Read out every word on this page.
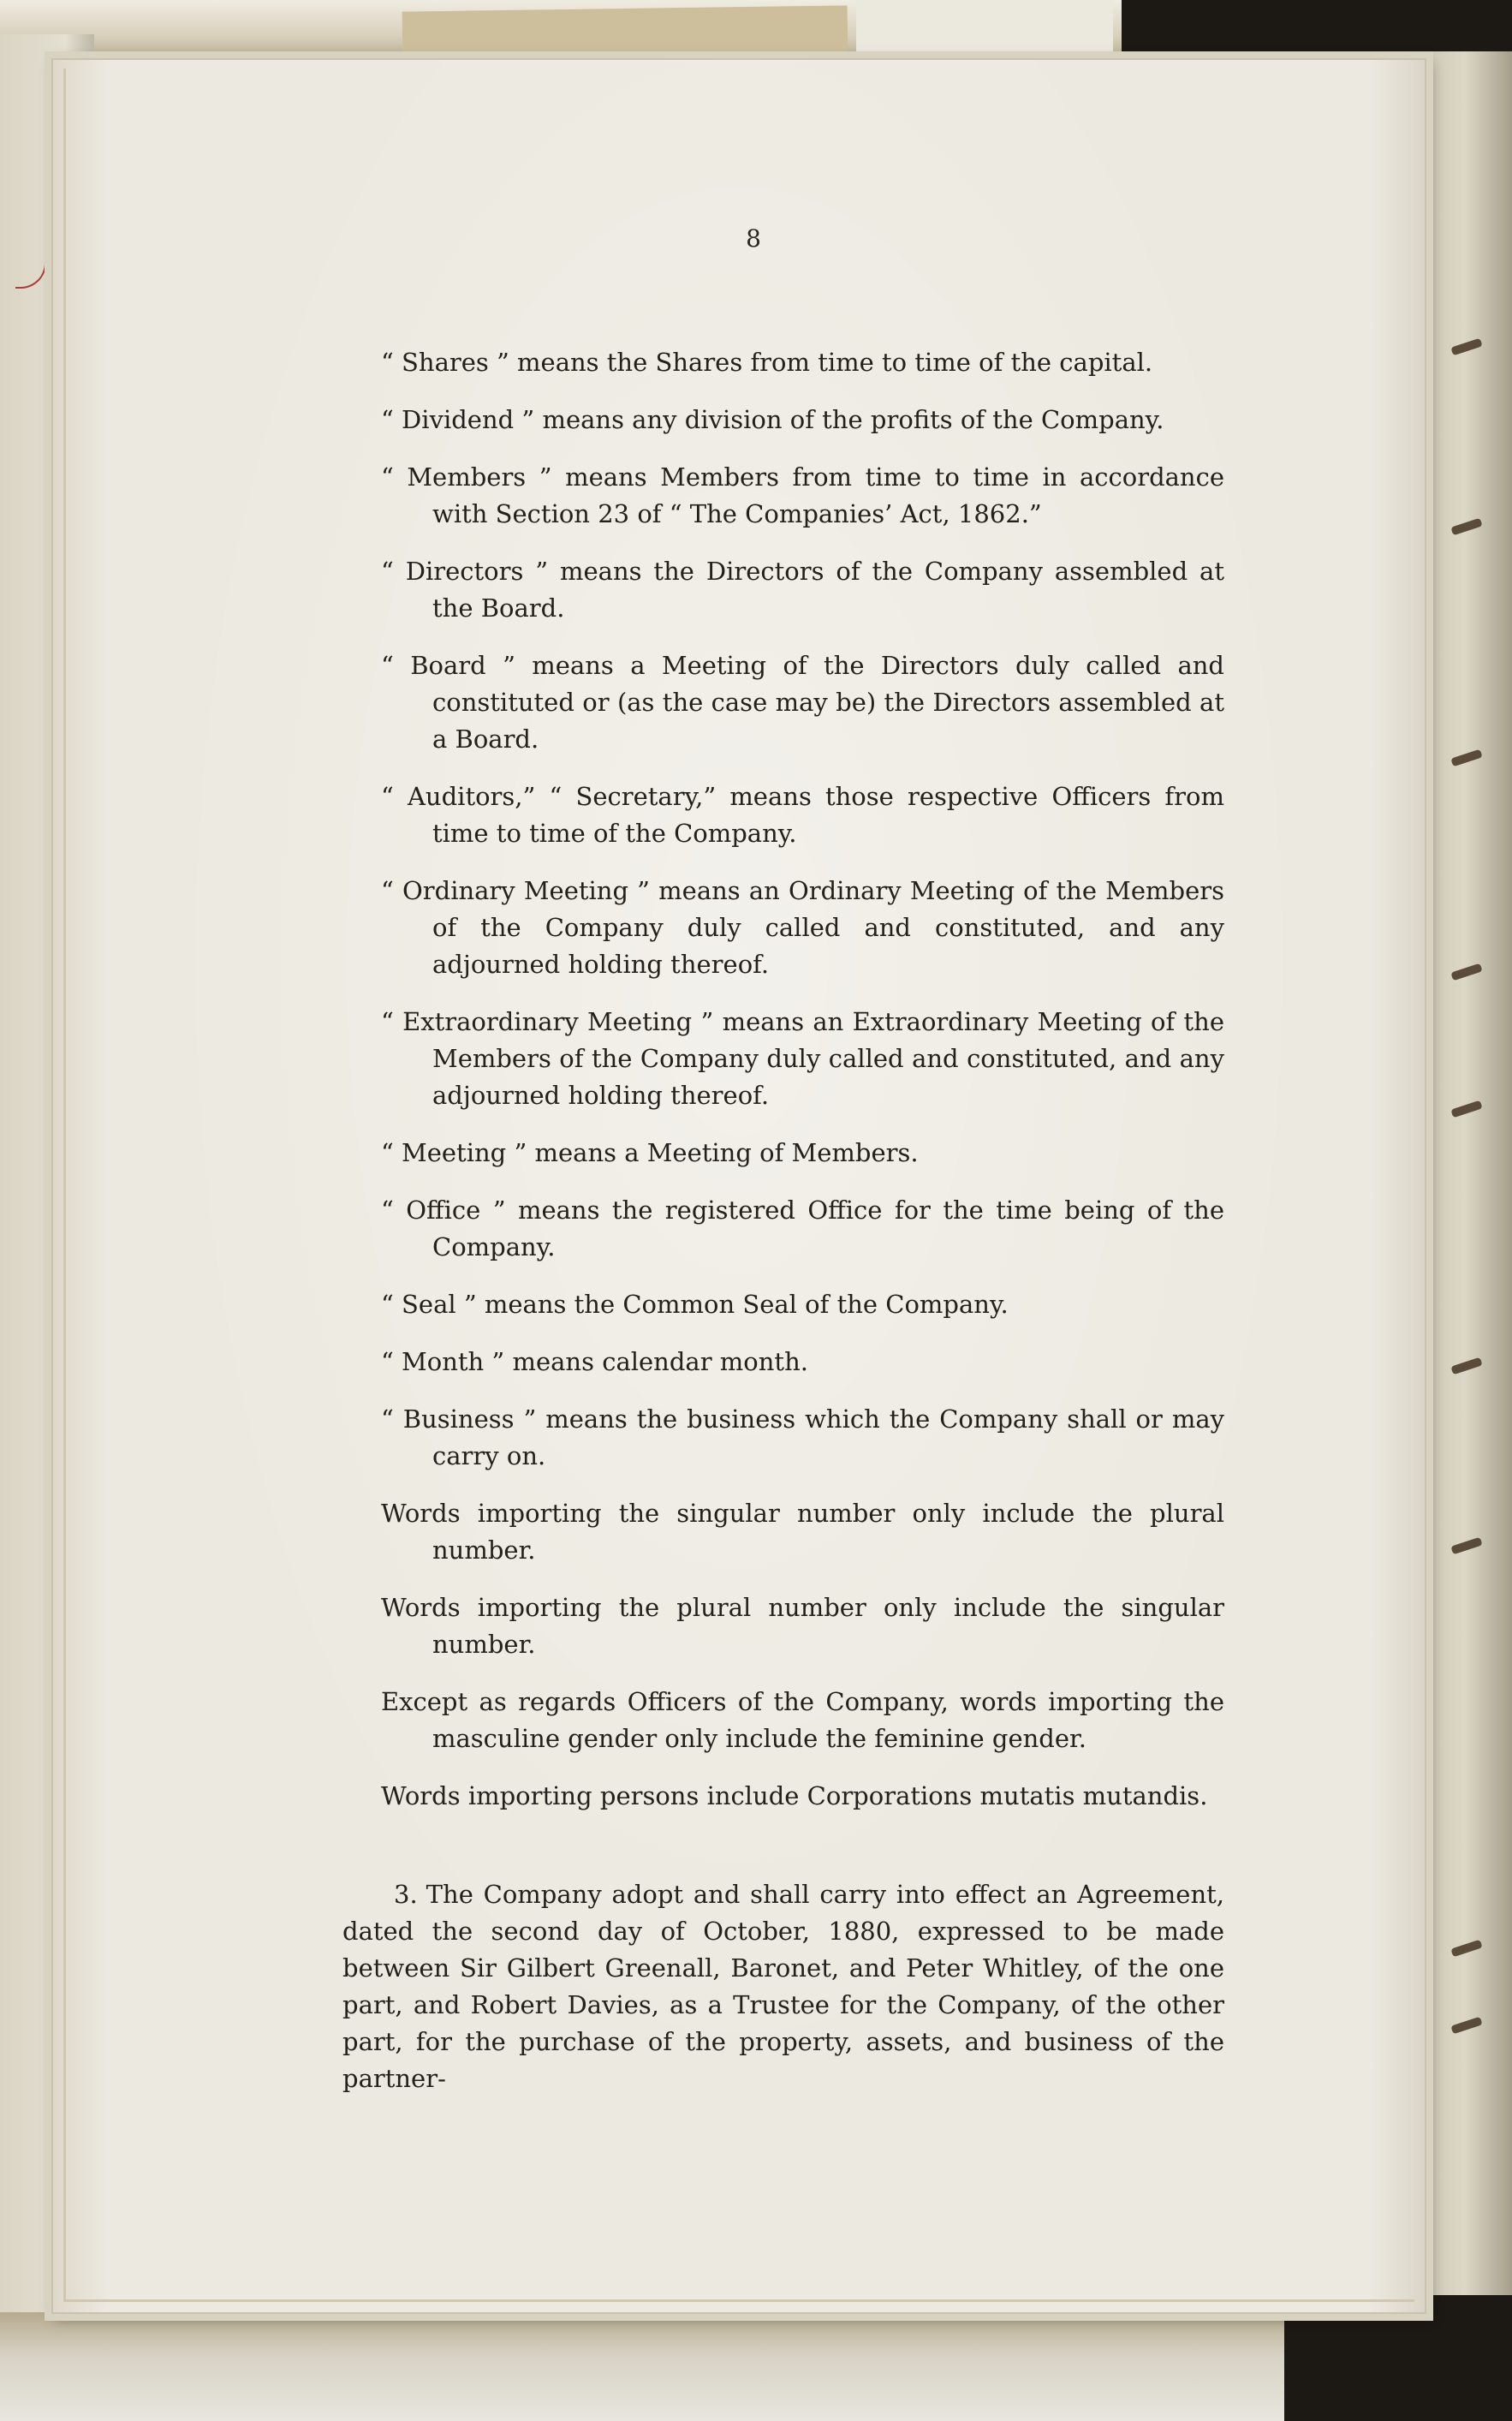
8

“ Shares ” means the Shares from time to time of the capital.

“ Dividend ” means any division of the profits of the Company.

“ Members ” means Members from time to time in accordance with Section 23 of “ The Companies’ Act, 1862.”

“ Directors ” means the Directors of the Company assembled at the Board.

“ Board ” means a Meeting of the Directors duly called and constituted or (as the case may be) the Directors assembled at a Board.

“ Auditors,” “ Secretary,” means those respective Officers from time to time of the Company.

“ Ordinary Meeting ” means an Ordinary Meeting of the Members of the Company duly called and constituted, and any adjourned holding thereof.

“ Extraordinary Meeting ” means an Extraordinary Meeting of the Members of the Company duly called and constituted, and any adjourned holding thereof.

“ Meeting ” means a Meeting of Members.

“ Office ” means the registered Office for the time being of the Company.

“ Seal ” means the Common Seal of the Company.

“ Month ” means calendar month.

“ Business ” means the business which the Company shall or may carry on.

Words importing the singular number only include the plural number.

Words importing the plural number only include the singular number.

Except as regards Officers of the Company, words importing the masculine gender only include the feminine gender.

Words importing persons include Corporations mutatis mutandis.

3. The Company adopt and shall carry into effect an Agreement, dated the second day of October, 1880, expressed to be made between Sir Gilbert Greenall, Baronet, and Peter Whitley, of the one part, and Robert Davies, as a Trustee for the Company, of the other part, for the purchase of the property, assets, and business of the partner-
